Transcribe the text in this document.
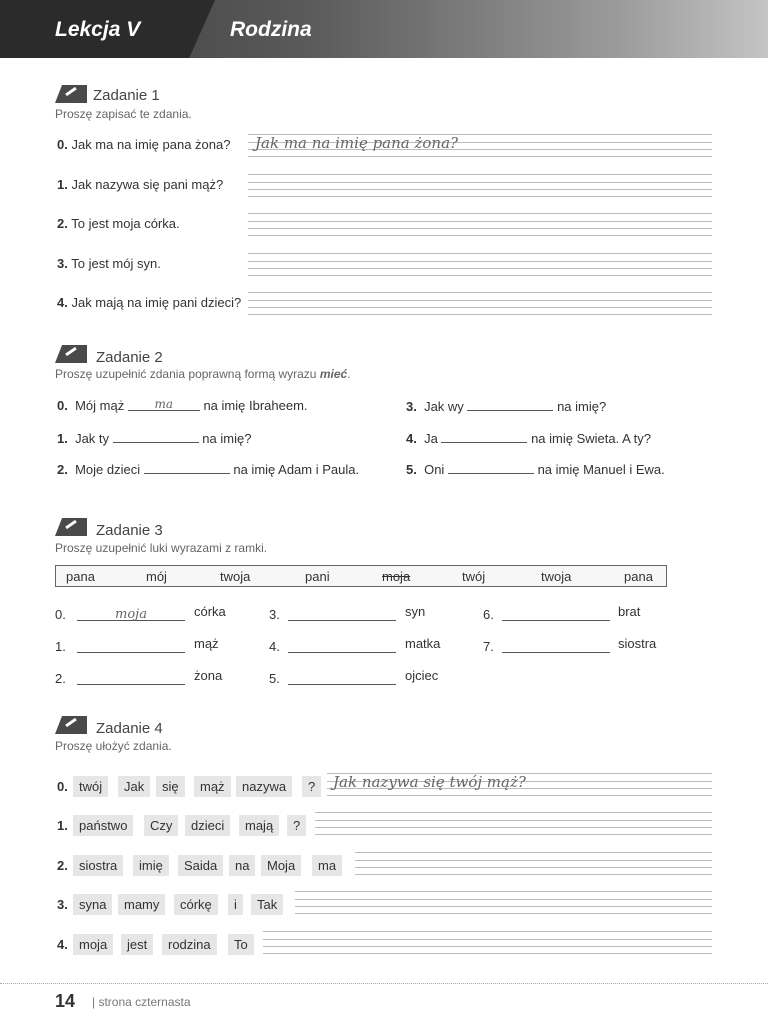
Lekcja V	Rodzina
Zadanie 1
Proszę zapisać te zdania.
0. Jak ma na imię pana żona? Jak ma na imię pana żona?
1. Jak nazywa się pani mąż?
2. To jest moja córka.
3. To jest mój syn.
4. Jak mają na imię pani dzieci?
Zadanie 2
Proszę uzupełnić zdania poprawną formą wyrazu mieć.
0. Mój mąż	ma na imię Ibraheem.
1. Jak ty	na imię?
2. Moje dzieci	na imię Adam i Paula.
3. Jak wy	na imię?
4. Ja	na imię Swieta. A ty?
5. Oni	na imię Manuel i Ewa.
Zadanie 3
Proszę uzupełnić luki wyrazami z ramki.
pana	mój	twoja	pani	moja	twój	twoja	pana
0.	moja	córka
1.	mąż
2.	żona
3.	syn
4.	matka
5.	ojciec
6.	brat
7.	siostra
Zadanie 4
Proszę ułożyć zdania.
0. twój	Jak	się	mąż	nazywa	?	Jak nazywa się twój mąż?
1. państwo	Czy	dzieci	mają	?
2. siostra	imię	Saida	na	Moja	ma
3. syna	mamy	córkę	i	Tak
4. moja	jest	rodzina	To
14 | strona czternasta
